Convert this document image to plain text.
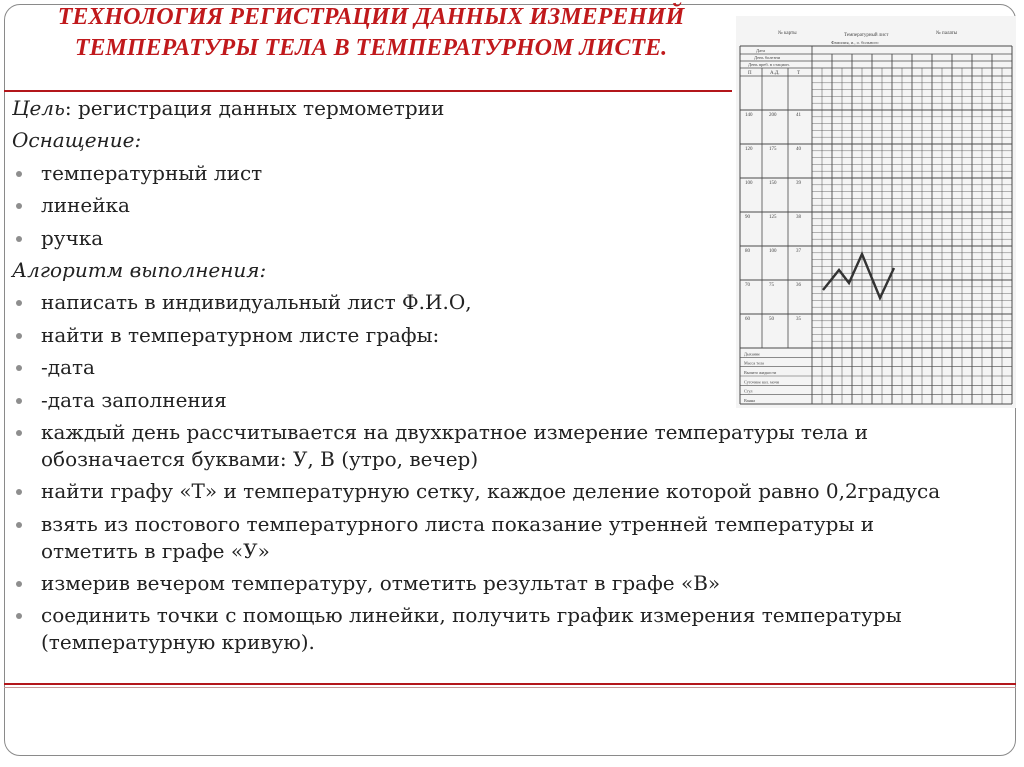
ТЕХНОЛОГИЯ РЕГИСТРАЦИИ ДАННЫХ ИЗМЕРЕНИЙ
ТЕМПЕРАТУРЫ ТЕЛА В ТЕМПЕРАТУРНОМ ЛИСТЕ.
№ карты	Температурный лист	№ палаты
Фамилия, и., о. больного
Дата
День болезни
День преб. в стацион.
П	А.Д.	Т
140	200	41
120	175	40
100	150	39
90	125	38
80	100	37
70	75	36
60	50	35
Дыхание
Масса тела
Выпито жидкости
Суточное кол. мочи
Стул
Ванна
Цель: регистрация данных термометрии
Оснащение:
температурный лист
линейка
ручка
Алгоритм выполнения:
написать в индивидуальный лист Ф.И.О,
найти в температурном листе графы:
-дата
-дата заполнения
каждый день рассчитывается на двухкратное измерение температуры тела и
обозначается буквами: У, В (утро, вечер)
найти графу «Т» и температурную сетку, каждое деление которой равно 0,2градуса
взять из постового температурного листа показание утренней температуры и
отметить в графе «У»
измерив вечером температуру, отметить результат в графе «В»
соединить точки с помощью линейки, получить график измерения температуры
(температурную кривую).
